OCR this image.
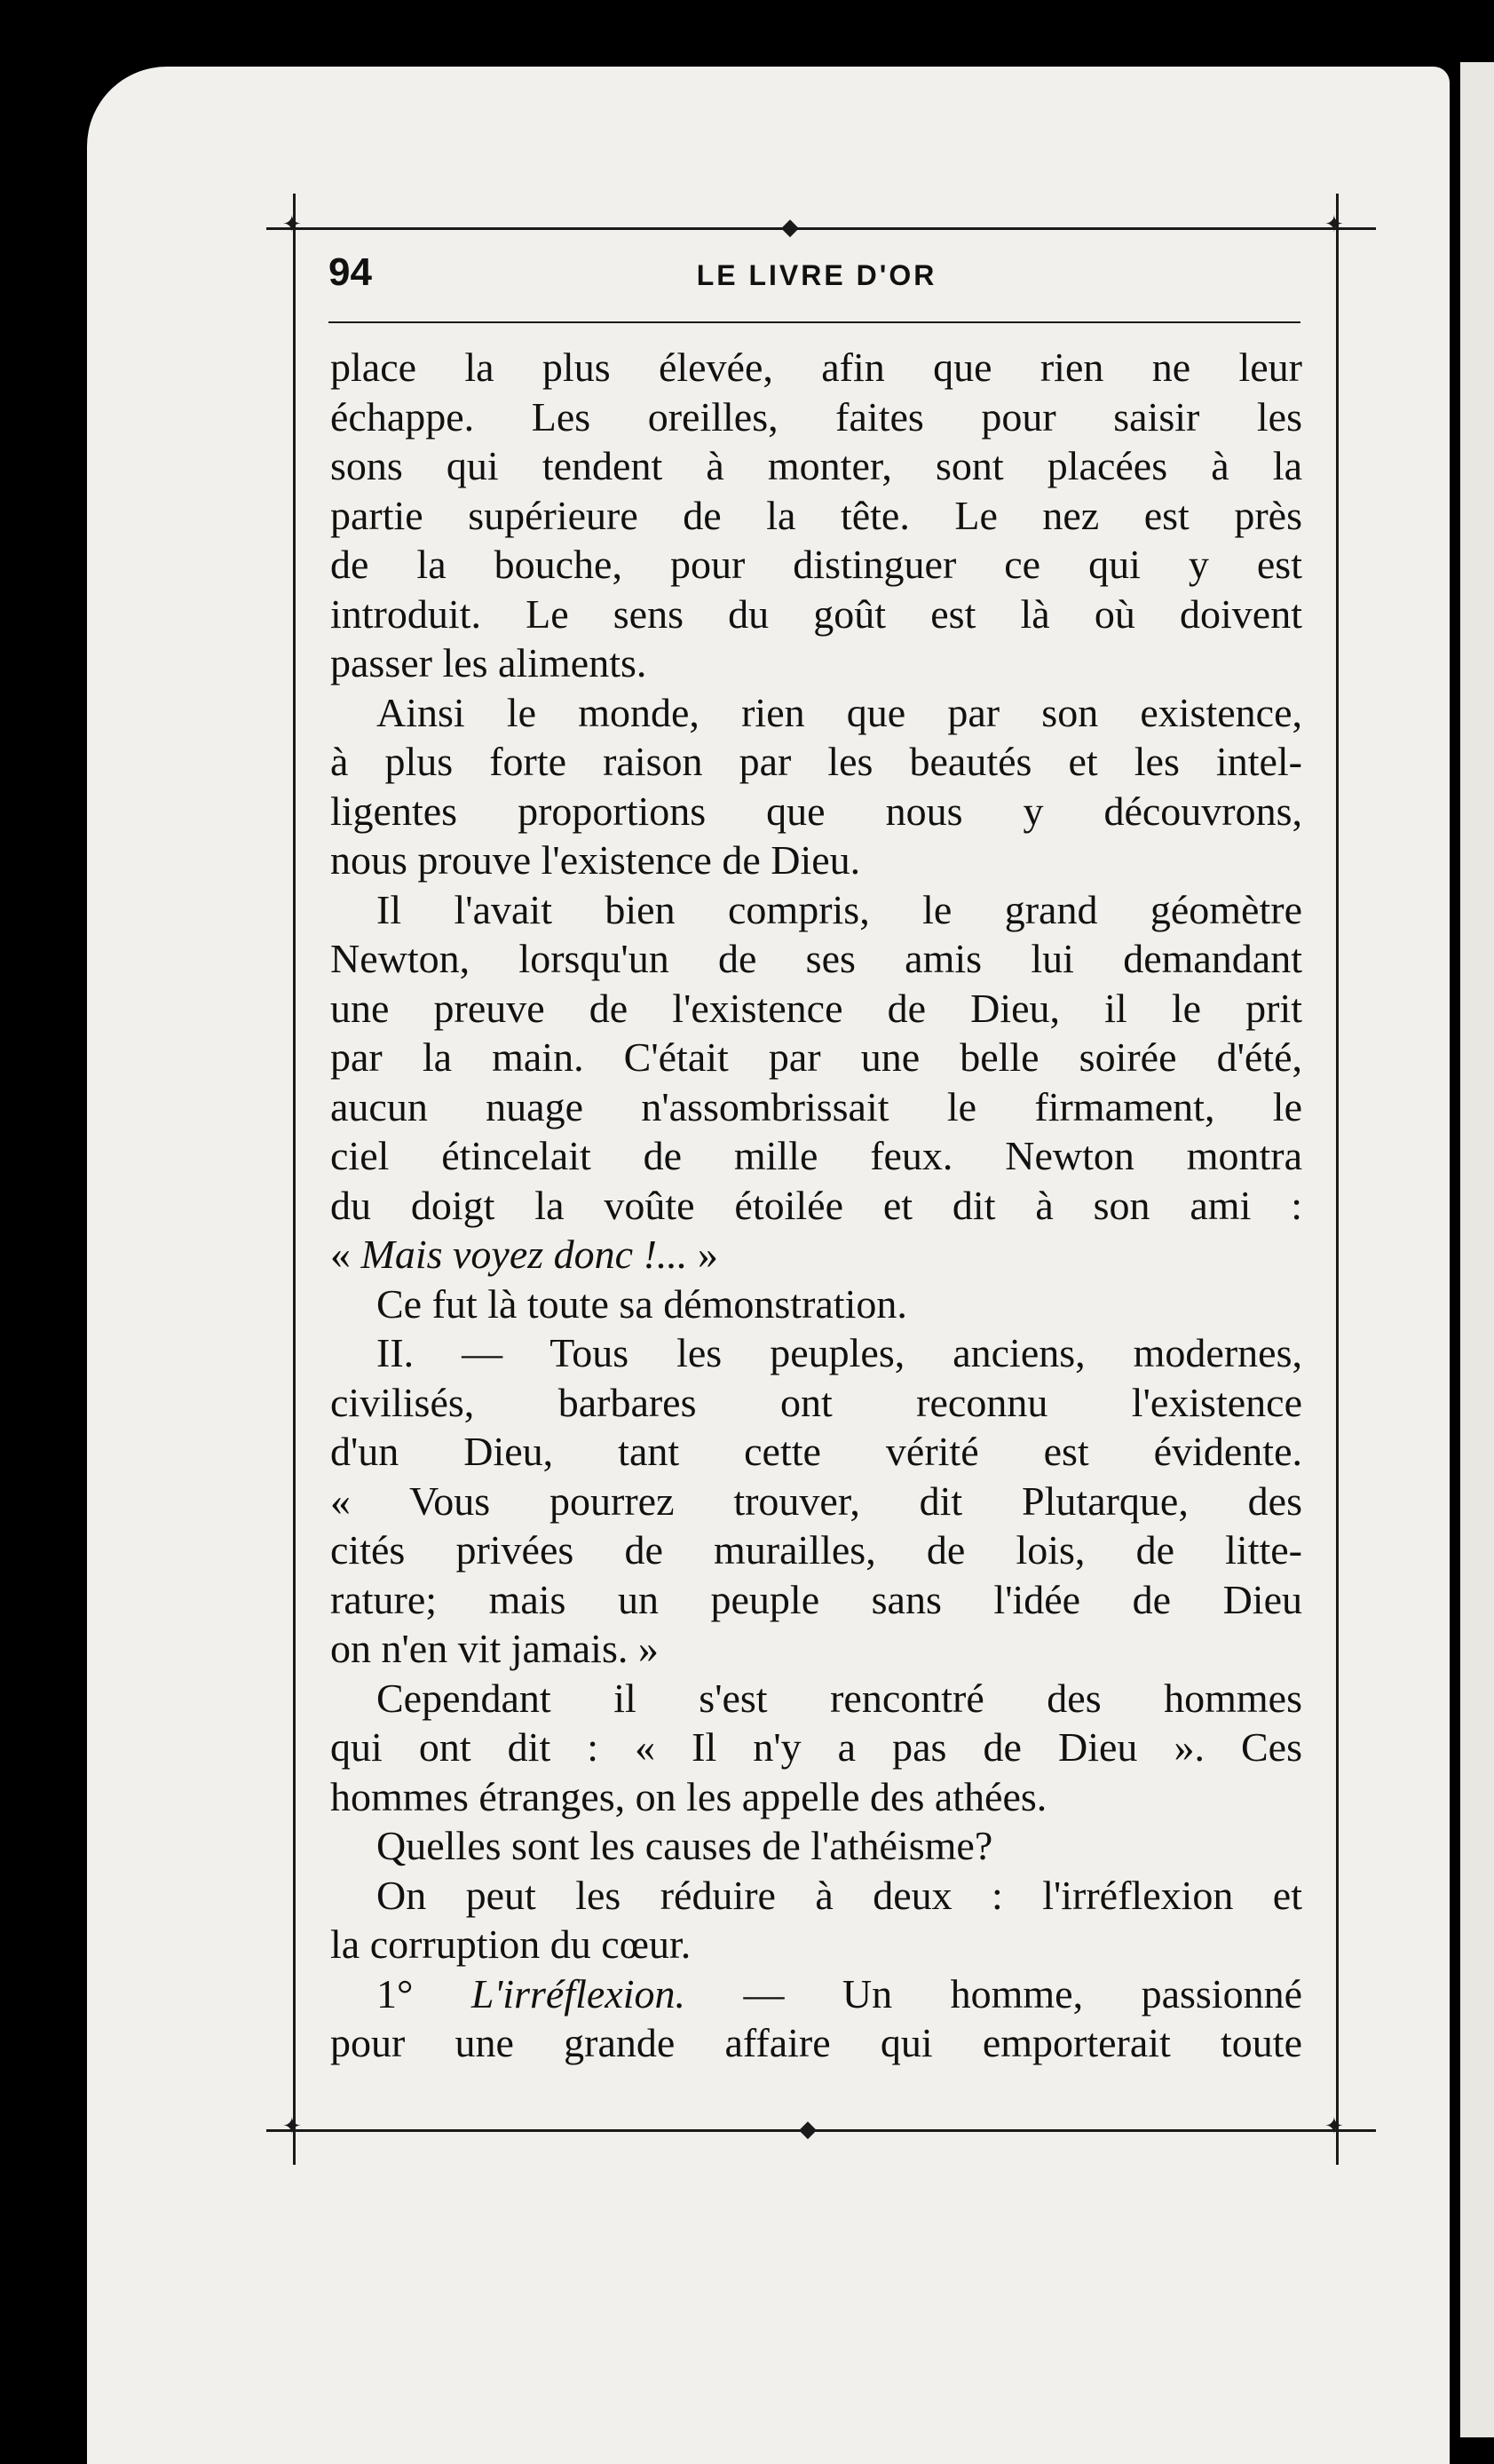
✦	✦
✦	✦
◆
◆
94	LE LIVRE D'OR
place la plus élevée, afin que rien ne leur
échappe. Les oreilles, faites pour saisir les
sons qui tendent à monter, sont placées à la
partie supérieure de la tête. Le nez est près
de la bouche, pour distinguer ce qui y est
introduit. Le sens du goût est là où doivent
passer les aliments.
Ainsi le monde, rien que par son existence,
à plus forte raison par les beautés et les intel-
ligentes proportions que nous y découvrons,
nous prouve l'existence de Dieu.
Il l'avait bien compris, le grand géomètre
Newton, lorsqu'un de ses amis lui demandant
une preuve de l'existence de Dieu, il le prit
par la main. C'était par une belle soirée d'été,
aucun nuage n'assombrissait le firmament, le
ciel étincelait de mille feux. Newton montra
du doigt la voûte étoilée et dit à son ami :
« Mais voyez donc !... »
Ce fut là toute sa démonstration.
II. — Tous les peuples, anciens, modernes,
civilisés, barbares ont reconnu l'existence
d'un Dieu, tant cette vérité est évidente.
« Vous pourrez trouver, dit Plutarque, des
cités privées de murailles, de lois, de litte-
rature; mais un peuple sans l'idée de Dieu
on n'en vit jamais. »
Cependant il s'est rencontré des hommes
qui ont dit : « Il n'y a pas de Dieu ». Ces
hommes étranges, on les appelle des athées.
Quelles sont les causes de l'athéisme?
On peut les réduire à deux : l'irréflexion et
la corruption du cœur.
1° L'irréflexion. — Un homme, passionné
pour une grande affaire qui emporterait toute
